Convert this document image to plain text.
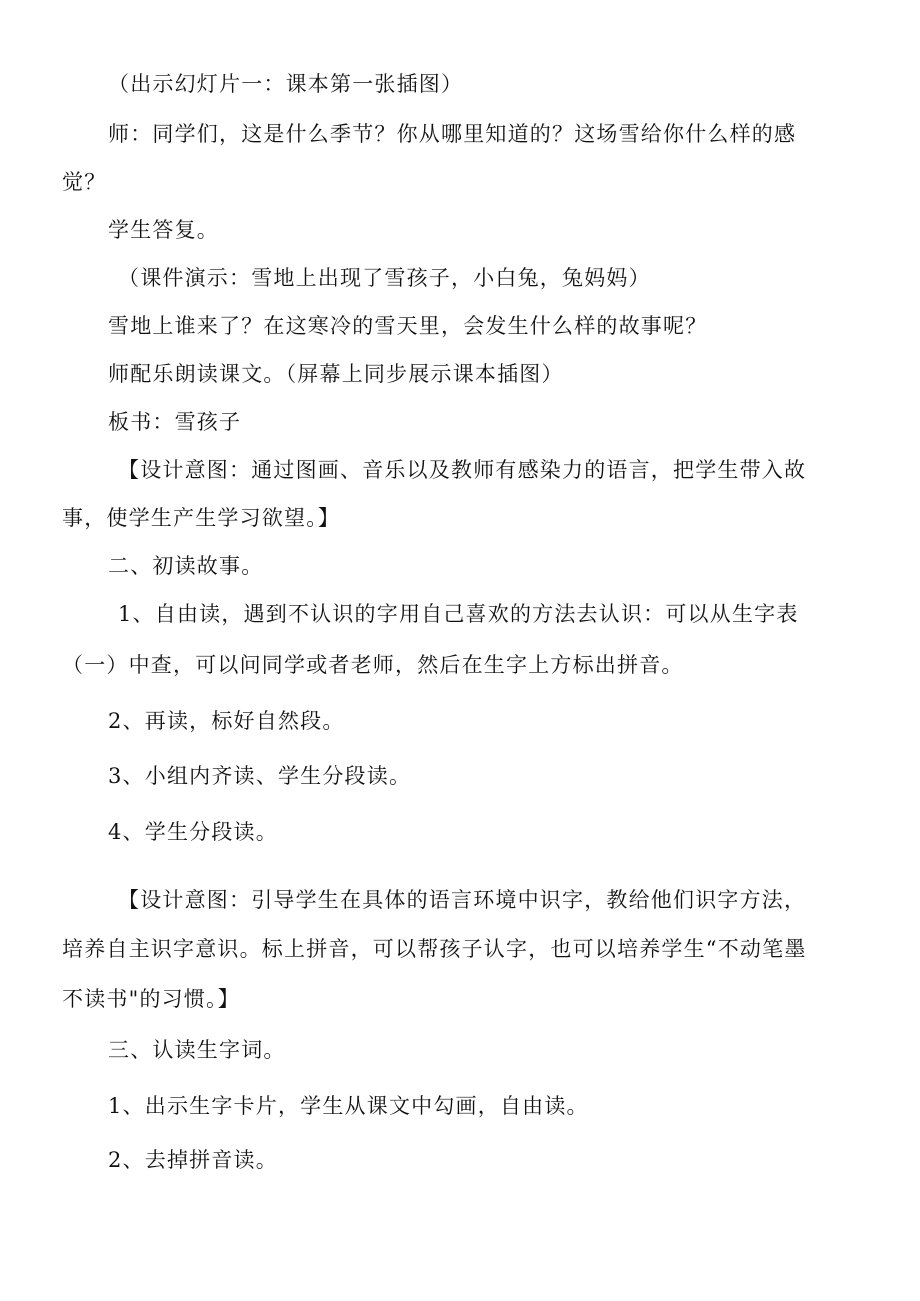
（出示幻灯片一：课本第一张插图）
师：同学们，这是什么季节？你从哪里知道的？这场雪给你什么样的感
觉？
学生答复。
（课件演示：雪地上出现了雪孩子，小白兔，兔妈妈）
雪地上谁来了？在这寒冷的雪天里，会发生什么样的故事呢？
师配乐朗读课文。（屏幕上同步展示课本插图）
板书：雪孩子
【设计意图：通过图画、音乐以及教师有感染力的语言，把学生带入故
事，使学生产生学习欲望。】
二、初读故事。
1、自由读，遇到不认识的字用自己喜欢的方法去认识：可以从生字表
（一）中查，可以问同学或者老师，然后在生字上方标出拼音。
2、再读，标好自然段。
3、小组内齐读、学生分段读。
4、学生分段读。
【设计意图：引导学生在具体的语言环境中识字，教给他们识字方法，
培养自主识字意识。标上拼音，可以帮孩子认字，也可以培养学生“不动笔墨
不读书"的习惯。】
三、认读生字词。
1、出示生字卡片，学生从课文中勾画，自由读。
2、去掉拼音读。
